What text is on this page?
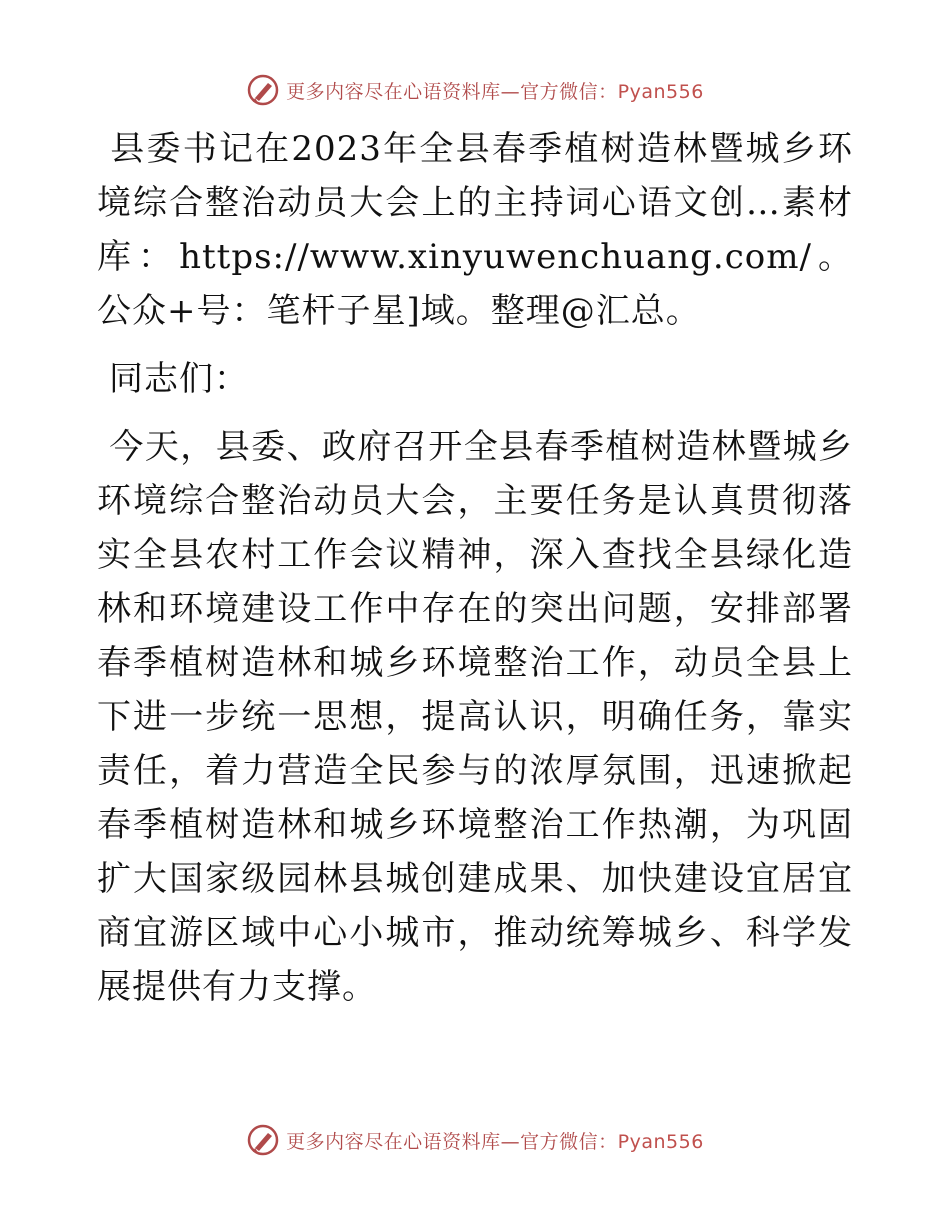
更多内容尽在心语资料库—官方微信：Pyan556

县委书记在2023年全县春季植树造林暨城乡环境综合整治动员大会上的主持词心语文创…素材库：https://www.xinyuwenchuang.com/。公众+号：笔杆子星]域。整理@汇总。

同志们：

今天，县委、政府召开全县春季植树造林暨城乡环境综合整治动员大会，主要任务是认真贯彻落实全县农村工作会议精神，深入查找全县绿化造林和环境建设工作中存在的突出问题，安排部署春季植树造林和城乡环境整治工作，动员全县上下进一步统一思想，提高认识，明确任务，靠实责任，着力营造全民参与的浓厚氛围，迅速掀起春季植树造林和城乡环境整治工作热潮，为巩固扩大国家级园林县城创建成果、加快建设宜居宜商宜游区域中心小城市，推动统筹城乡、科学发展提供有力支撑。

更多内容尽在心语资料库—官方微信：Pyan556
